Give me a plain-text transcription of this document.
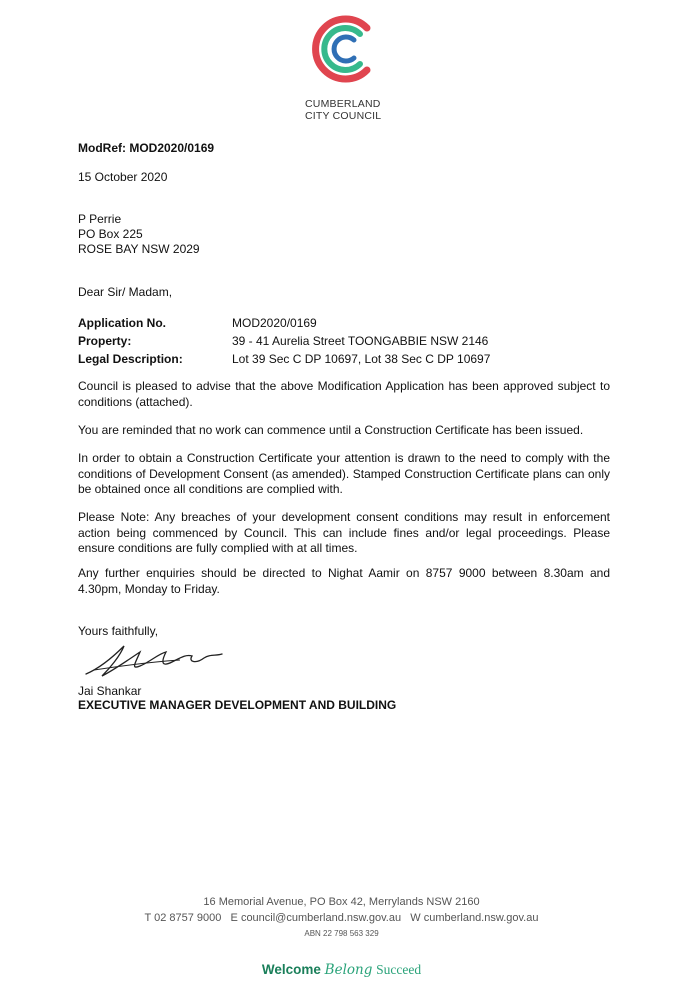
CUMBERLAND
CITY COUNCIL
ModRef: MOD2020/0169
15 October 2020
P Perrie
PO Box 225
ROSE BAY NSW 2029
Dear Sir/ Madam,
Application No.	MOD2020/0169
Property:	39 - 41 Aurelia Street TOONGABBIE NSW 2146
Legal Description:	Lot 39 Sec C DP 10697, Lot 38 Sec C DP 10697
Council is pleased to advise that the above Modification Application has been approved subject to conditions (attached).
You are reminded that no work can commence until a Construction Certificate has been issued.
In order to obtain a Construction Certificate your attention is drawn to the need to comply with the conditions of Development Consent (as amended). Stamped Construction Certificate plans can only be obtained once all conditions are complied with.
Please Note: Any breaches of your development consent conditions may result in enforcement action being commenced by Council. This can include fines and/or legal proceedings. Please ensure conditions are fully complied with at all times.
Any further enquiries should be directed to Nighat Aamir on 8757 9000 between 8.30am and 4.30pm, Monday to Friday.
Yours faithfully,
Jai Shankar
EXECUTIVE MANAGER DEVELOPMENT AND BUILDING
16 Memorial Avenue, PO Box 42, Merrylands NSW 2160
T 02 8757 9000   E council@cumberland.nsw.gov.au   W cumberland.nsw.gov.au
ABN 22 798 563 329
Welcome Belong Succeed
